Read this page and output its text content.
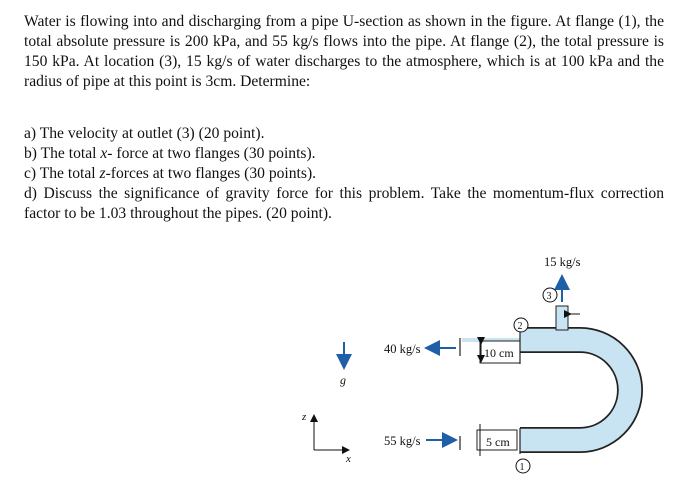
Water is flowing into and discharging from a pipe U-section as shown in the figure. At flange (1), the total absolute pressure is 200 kPa, and 55 kg/s flows into the pipe. At flange (2), the total pressure is 150 kPa. At location (3), 15 kg/s of water discharges to the atmosphere, which is at 100 kPa and the radius of pipe at this point is 3cm. Determine:
a) The velocity at outlet (3) (20 point).
b) The total x- force at two flanges (30 points).
c) The total z-forces at two flanges (30 points).
d) Discuss the significance of gravity force for this problem. Take the momentum-flux correction factor to be 1.03 throughout the pipes. (20 point).
10 cm
5 cm
40 kg/s
55 kg/s
15 kg/s
3
2
1
g
z
x
